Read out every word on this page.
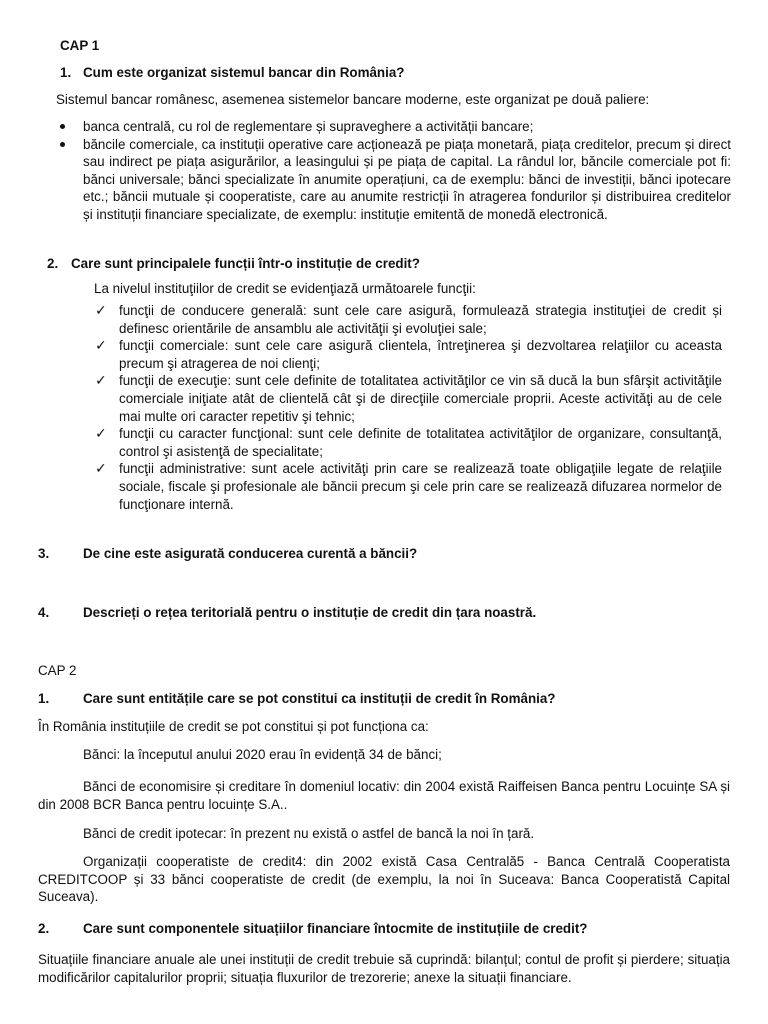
CAP 1
1. Cum este organizat sistemul bancar din România?
Sistemul bancar românesc, asemenea sistemelor bancare moderne, este organizat pe două paliere:
banca centrală, cu rol de reglementare și supraveghere a activității bancare;
băncile comerciale, ca instituții operative care acționează pe piața monetară, piața creditelor, precum și direct sau indirect pe piața asigurărilor, a leasingului și pe piața de capital. La rândul lor, băncile comerciale pot fi: bănci universale; bănci specializate în anumite operațiuni, ca de exemplu: bănci de investiții, bănci ipotecare etc.; băncii mutuale și cooperatiste, care au anumite restricții în atragerea fondurilor și distribuirea creditelor și instituții financiare specializate, de exemplu: instituție emitentă de monedă electronică.
2. Care sunt principalele funcții într-o instituție de credit?
La nivelul instituţiilor de credit se evidenţiază următoarele funcţii:
✓ funcţii de conducere generală: sunt cele care asigură, formulează strategia instituţiei de credit și definesc orientările de ansamblu ale activităţii şi evoluţiei sale;
✓ funcţii comerciale: sunt cele care asigură clientela, întreţinerea şi dezvoltarea relaţiilor cu aceasta precum şi atragerea de noi clienţi;
✓ funcţii de execuţie: sunt cele definite de totalitatea activităţilor ce vin să ducă la bun sfârşit activităţile comerciale iniţiate atât de clientelă cât şi de direcţiile comerciale proprii. Aceste activităţi au de cele mai multe ori caracter repetitiv şi tehnic;
✓ funcţii cu caracter funcţional: sunt cele definite de totalitatea activităţilor de organizare, consultanţă, control şi asistenţă de specialitate;
✓ funcţii administrative: sunt acele activităţi prin care se realizează toate obligaţiile legate de relaţiile sociale, fiscale şi profesionale ale băncii precum şi cele prin care se realizează difuzarea normelor de funcţionare internă.
3.	De cine este asigurată conducerea curentă a băncii?
4.	Descrieți o rețea teritorială pentru o instituție de credit din țara noastră.
CAP 2
1.	Care sunt entitățile care se pot constitui ca instituții de credit în România?
În România instituțiile de credit se pot constitui și pot funcționa ca:
Bănci: la începutul anului 2020 erau în evidență 34 de bănci;
Bănci de economisire și creditare în domeniul locativ: din 2004 există Raiffeisen Banca pentru Locuințe SA și din 2008 BCR Banca pentru locuințe S.A..
Bănci de credit ipotecar: în prezent nu există o astfel de bancă la noi în țară.
Organizații cooperatiste de credit4: din 2002 există Casa Centrală5 - Banca Centrală Cooperatista CREDITCOOP și 33 bănci cooperatiste de credit (de exemplu, la noi în Suceava: Banca Cooperatistă Capital Suceava).
2.	Care sunt componentele situațiilor financiare întocmite de instituțiile de credit?
Situațiile financiare anuale ale unei instituții de credit trebuie să cuprindă: bilanțul; contul de profit și pierdere; situația modificărilor capitalurilor proprii; situația fluxurilor de trezorerie; anexe la situații financiare.
